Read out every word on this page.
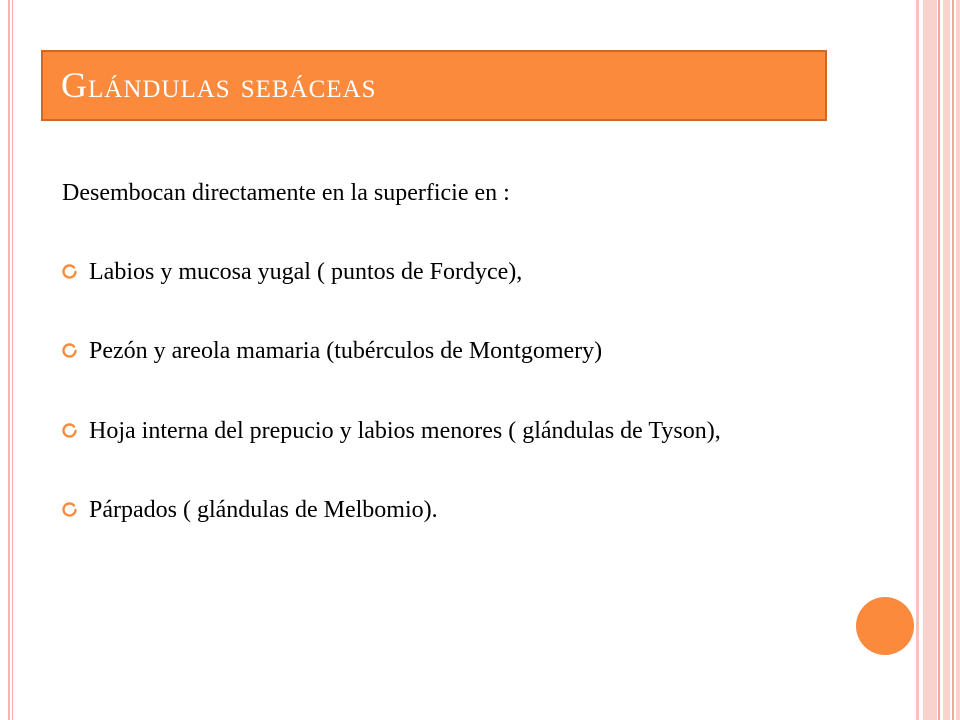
Glándulas sebáceas

Desembocan directamente en la superficie en :

Labios y mucosa yugal ( puntos de Fordyce),
Pezón y areola mamaria (tubérculos de Montgomery)
Hoja interna del prepucio y labios menores ( glándulas de Tyson),
Párpados ( glándulas de Melbomio).
